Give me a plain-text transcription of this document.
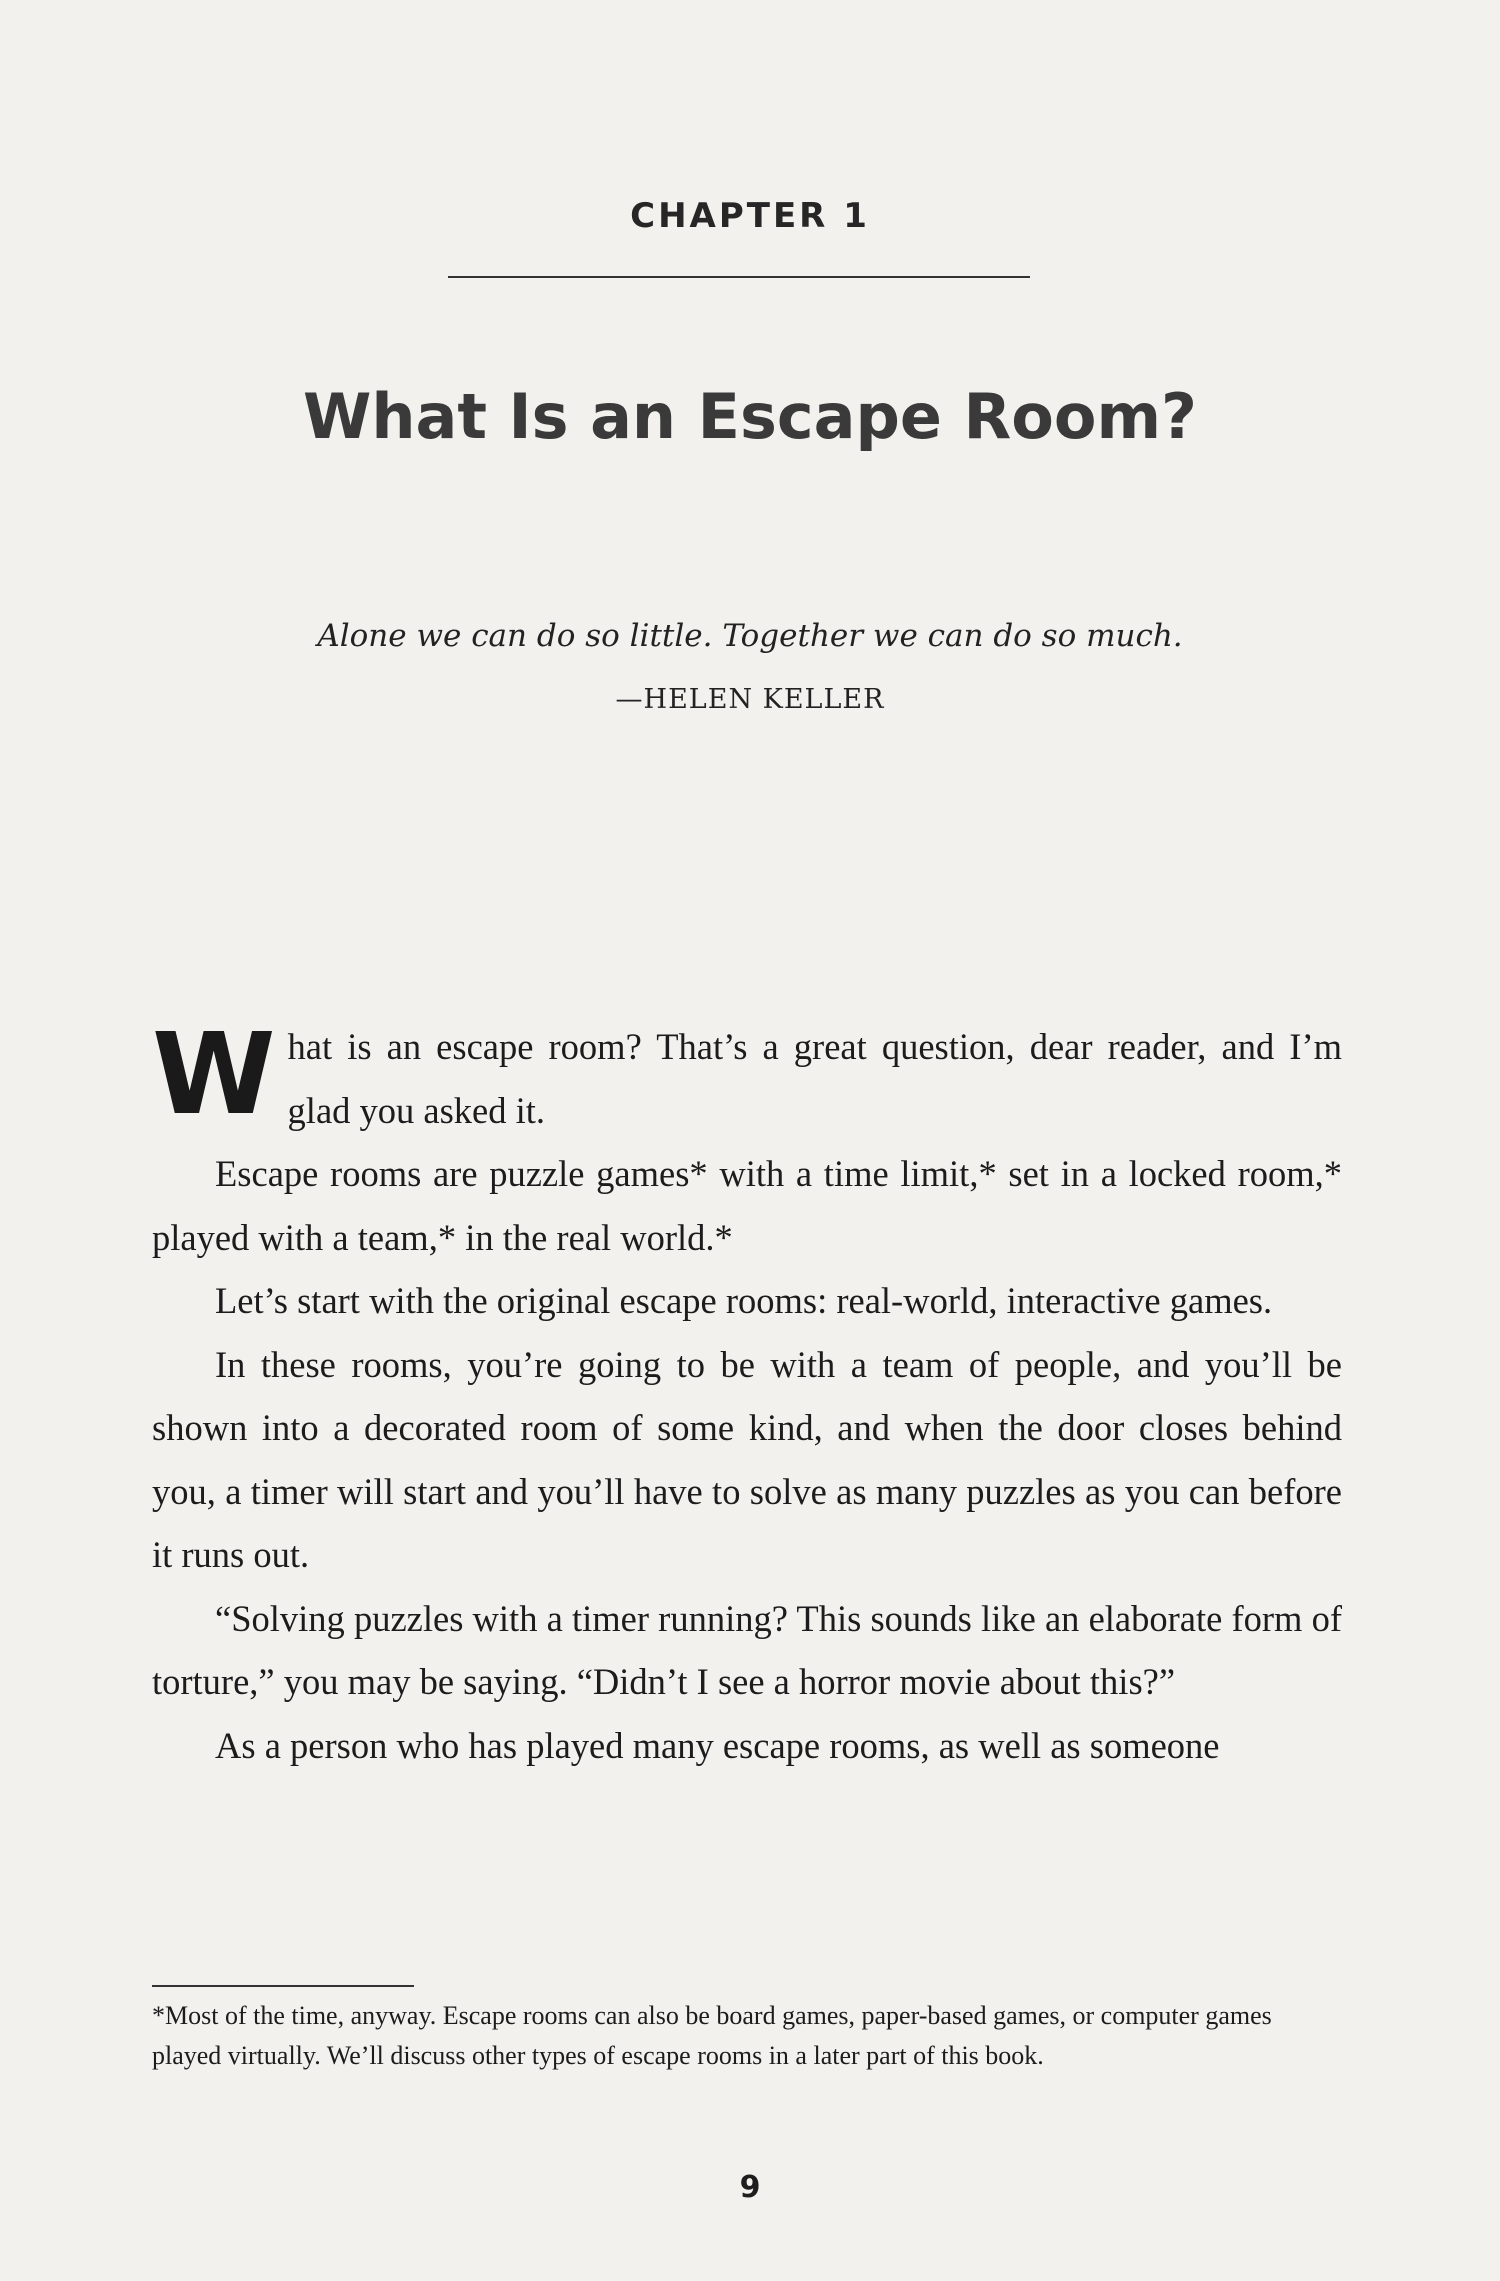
CHAPTER 1
What Is an Escape Room?
Alone we can do so little. Together we can do so much.
—HELEN KELLER

What is an escape room? That’s a great question, dear reader, and I’m glad you asked it.

Escape rooms are puzzle games* with a time limit,* set in a locked room,* played with a team,* in the real world.*

Let’s start with the original escape rooms: real-world, interactive games.

In these rooms, you’re going to be with a team of people, and you’ll be shown into a decorated room of some kind, and when the door closes behind you, a timer will start and you’ll have to solve as many puzzles as you can before it runs out.

“Solving puzzles with a timer running? This sounds like an elaborate form of torture,” you may be saying. “Didn’t I see a horror movie about this?”

As a person who has played many escape rooms, as well as someone

*Most of the time, anyway. Escape rooms can also be board games, paper-based games, or computer games played virtually. We’ll discuss other types of escape rooms in a later part of this book.
9
